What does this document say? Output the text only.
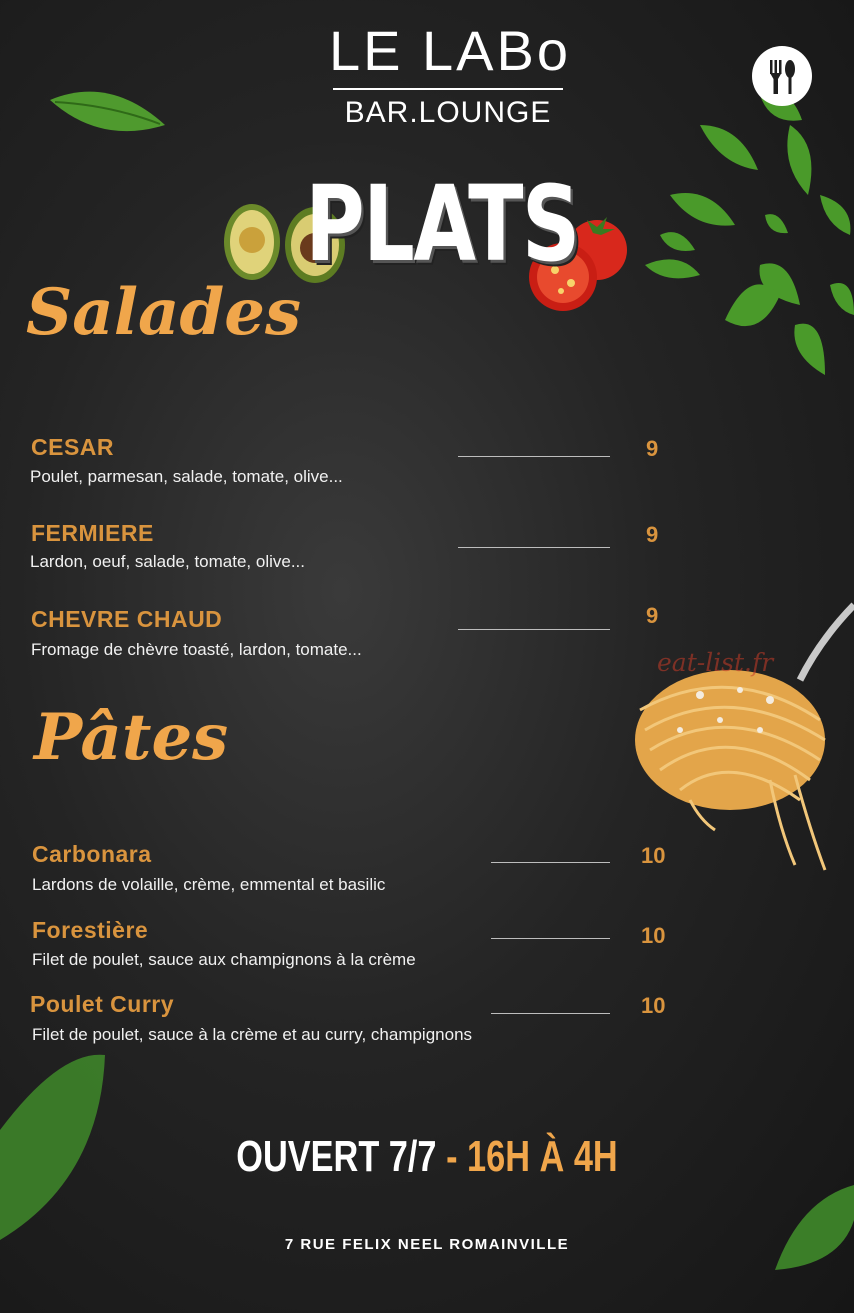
LE LABo
BAR.LOUNGE
PLATS
Salades
CESAR	9
Poulet, parmesan, salade, tomate, olive...
FERMIERE	9
Lardon, oeuf, salade, tomate, olive...
CHEVRE CHAUD	9
Fromage de chèvre toasté, lardon, tomate...	eat-list.fr
Pâtes
Carbonara	10
Lardons de volaille, crème, emmental et basilic
Forestière	10
Filet de poulet, sauce aux champignons à la crème
Poulet Curry	10
Filet de poulet, sauce à la crème et au curry, champignons
OUVERT 7/7 - 16H À 4H
7 RUE FELIX NEEL ROMAINVILLE
